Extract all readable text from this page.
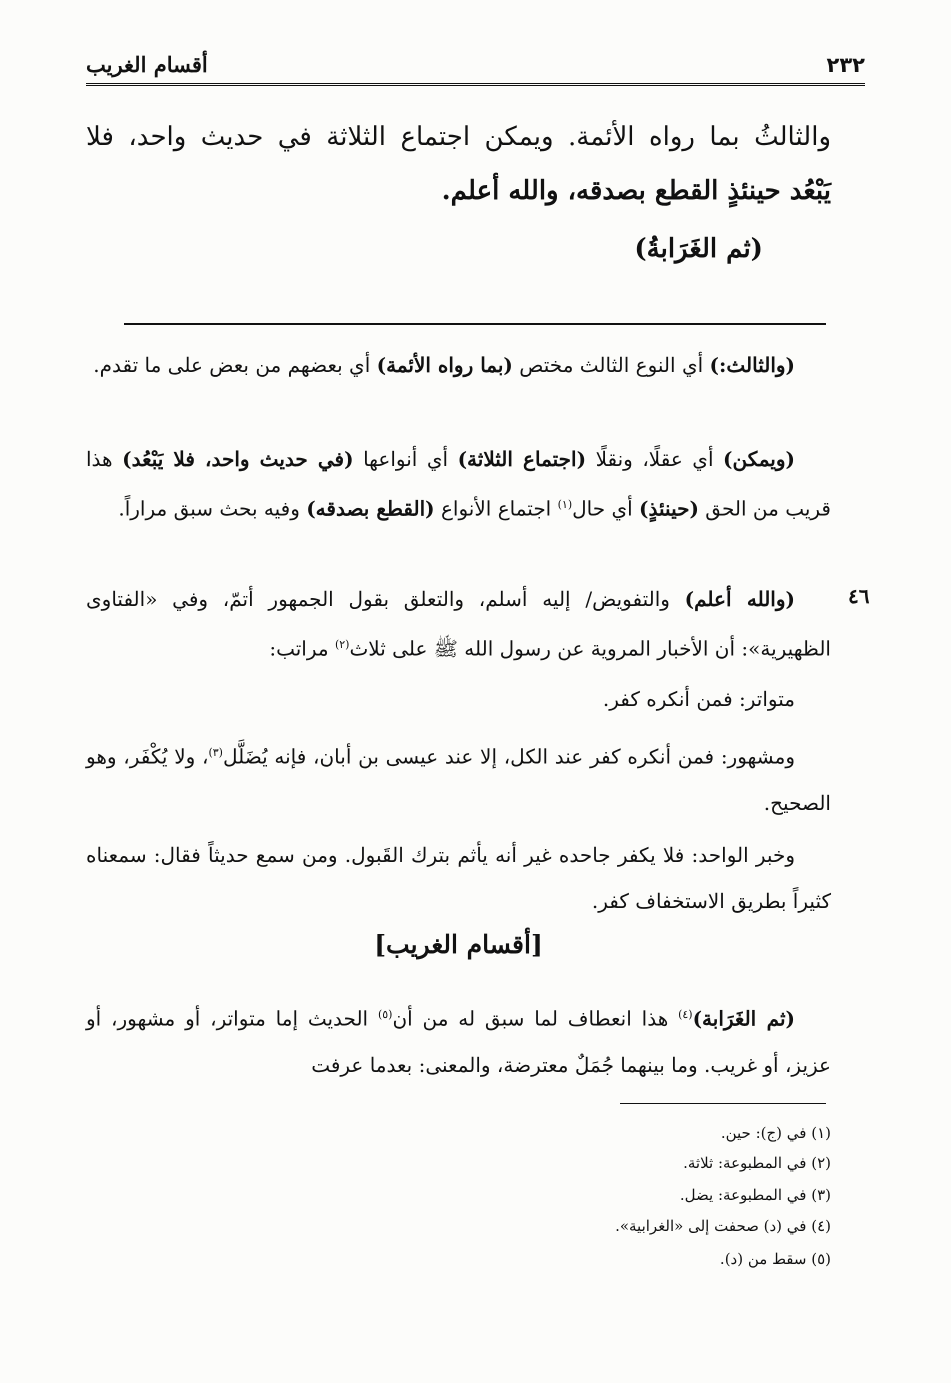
٢٣٢
أقسام الغريب

والثالثُ بما رواه الأئمة. ويمكن اجتماع الثلاثة في حديث واحد، فلا

يَبْعُد حينئذٍ القطع بصدقه، والله أعلم.

(ثم الغَرَابةُ)

(والثالث:) أي النوع الثالث مختص (بما رواه الأئمة) أي بعضهم من بعض على ما تقدم.

(ويمكن) أي عقلًا، ونقلًا (اجتماع الثلاثة) أي أنواعها (في حديث واحد، فلا يَبْعُد) هذا قريب من الحق (حينئذٍ) أي حال$^{(١)}$ اجتماع الأنواع (القطع بصدقه) وفيه بحث سبق مراراً.

٤٦

(والله أعلم) والتفويض/ إليه أسلم، والتعلق بقول الجمهور أتمّ، وفي «الفتاوى الظهيرية»: أن الأخبار المروية عن رسول الله ﷺ على ثلاث$^{(٢)}$ مراتب:

متواتر: فمن أنكره كفر.

ومشهور: فمن أنكره كفر عند الكل، إلا عند عيسى بن أبان، فإنه يُضَلَّل$^{(٣)}$، ولا يُكْفَر، وهو الصحيح.

وخبر الواحد: فلا يكفر جاحده غير أنه يأثم بترك القَبول. ومن سمع حديثاً فقال: سمعناه كثيراً بطريق الاستخفاف كفر.

[أقسام الغريب]

(ثم الغَرَابة)$^{(٤)}$ هذا انعطاف لما سبق له من أن$^{(٥)}$ الحديث إما متواتر، أو مشهور، أو عزيز، أو غريب. وما بينهما جُمَلٌ معترضة، والمعنى: بعدما عرفت

(١) في (ج): حين.

(٢) في المطبوعة: ثلاثة.

(٣) في المطبوعة: يضل.

(٤) في (د) صحفت إلى «الغرابية».

(٥) سقط من (د).
